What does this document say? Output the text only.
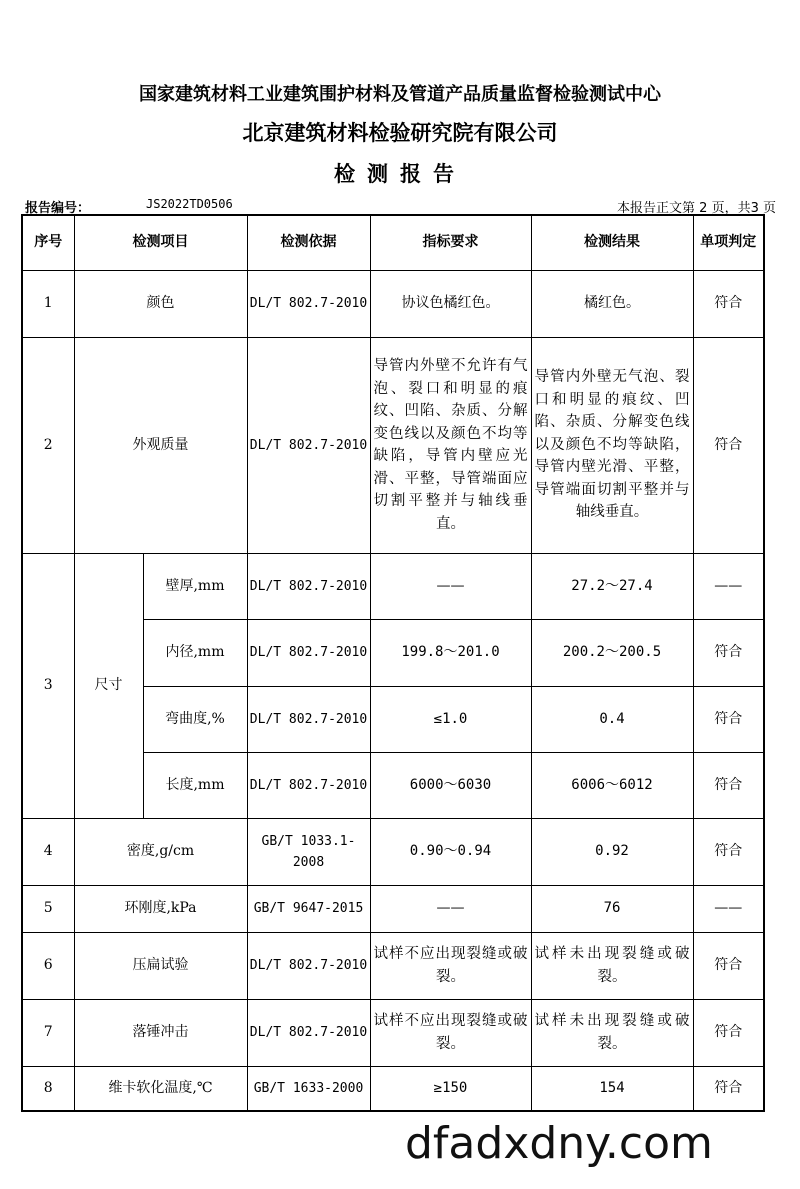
国家建筑材料工业建筑围护材料及管道产品质量监督检验测试中心
北京建筑材料检验研究院有限公司
检测报告
报告编号：	JS2022TD0506	本报告正文第 2 页，共3 页
序号	检测项目		检测依据	指标要求	检测结果	单项判定
1	颜色		DL/T 802.7-2010	协议色橘红色。	橘红色。	符合
2	外观质量		DL/T 802.7-2010	导管内外壁不允许有气泡、裂口和明显的痕纹、凹陷、杂质、分解变色线以及颜色不均等缺陷，导管内壁应光滑、平整，导管端面应切割平整并与轴线垂直。	导管内外壁无气泡、裂口和明显的痕纹、凹陷、杂质、分解变色线以及颜色不均等缺陷，导管内壁光滑、平整，导管端面切割平整并与轴线垂直。	符合
3	尺寸	壁厚,mm	DL/T 802.7-2010	——	27.2～27.4	——
		内径,mm	DL/T 802.7-2010	199.8～201.0	200.2～200.5	符合
		弯曲度,%	DL/T 802.7-2010	≤1.0	0.4	符合
		长度,mm	DL/T 802.7-2010	6000～6030	6006～6012	符合
4	密度,g/cm		GB/T 1033.1-2008	0.90～0.94	0.92	符合
5	环刚度,kPa		GB/T 9647-2015	——	76	——
6	压扁试验		DL/T 802.7-2010	试样不应出现裂缝或破裂。	试样未出现裂缝或破裂。	符合
7	落锤冲击		DL/T 802.7-2010	试样不应出现裂缝或破裂。	试样未出现裂缝或破裂。	符合
8	维卡软化温度,℃		GB/T 1633-2000	≥150	154	符合
dfadxdny.com
